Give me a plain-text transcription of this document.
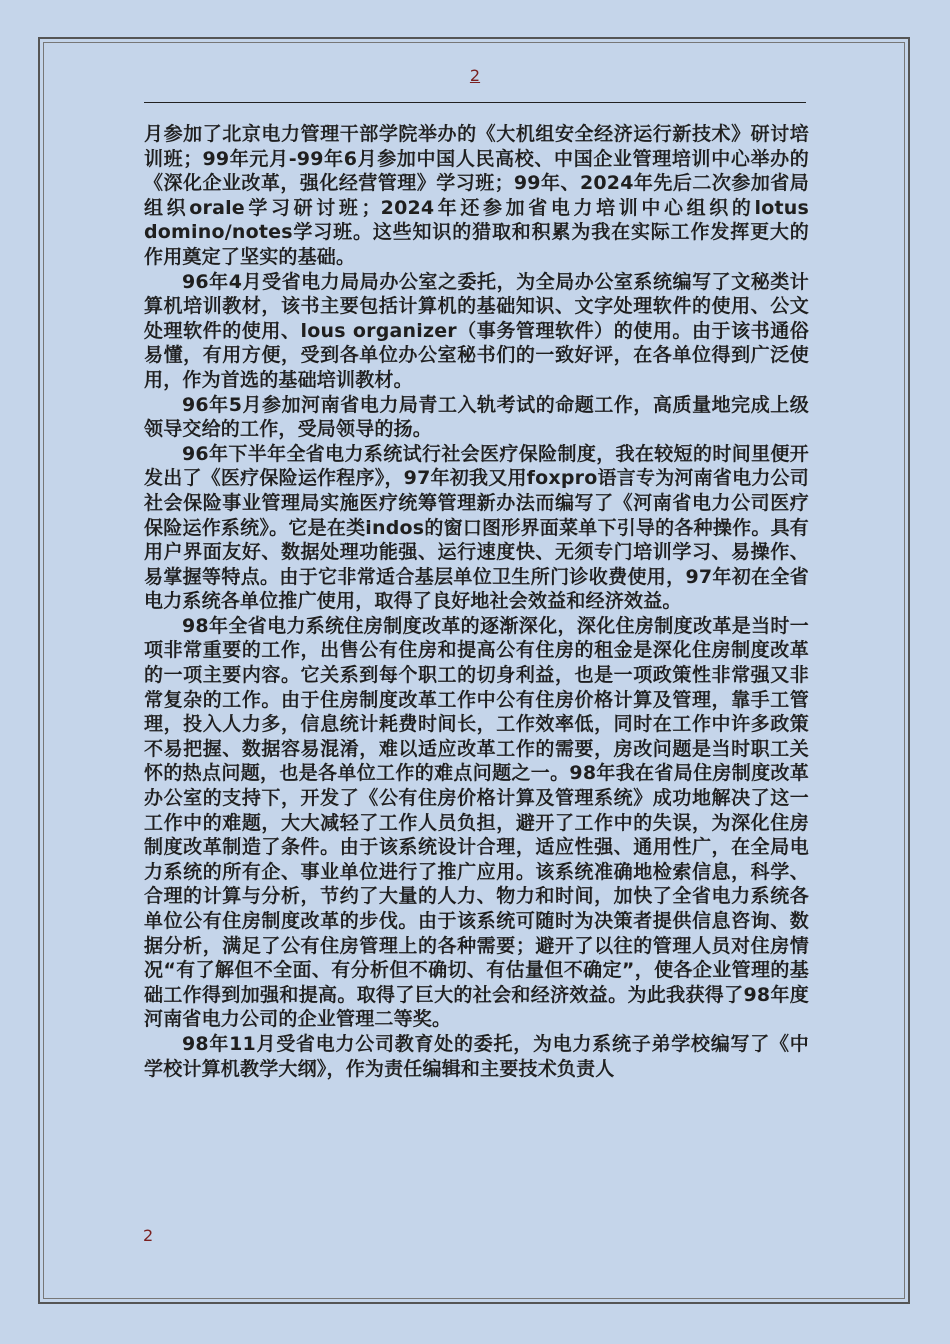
2

月参加了北京电力管理干部学院举办的《大机组安全经济运行新技术》研讨培训班；99年元月-99年6月参加中国人民高校、中国企业管理培训中心举办的《深化企业改革，强化经营管理》学习班；99年、2024年先后二次参加省局组织orale学习研讨班；2024年还参加省电力培训中心组织的lotus domino/notes学习班。这些知识的猎取和积累为我在实际工作发挥更大的作用奠定了坚实的基础。

96年4月受省电力局局办公室之委托，为全局办公室系统编写了文秘类计算机培训教材，该书主要包括计算机的基础知识、文字处理软件的使用、公文处理软件的使用、lous organizer（事务管理软件）的使用。由于该书通俗易懂，有用方便，受到各单位办公室秘书们的一致好评，在各单位得到广泛使用，作为首选的基础培训教材。

96年5月参加河南省电力局青工入轨考试的命题工作，高质量地完成上级领导交给的工作，受局领导的扬。

96年下半年全省电力系统试行社会医疗保险制度，我在较短的时间里便开发出了《医疗保险运作程序》，97年初我又用foxpro语言专为河南省电力公司社会保险事业管理局实施医疗统筹管理新办法而编写了《河南省电力公司医疗保险运作系统》。它是在类indos的窗口图形界面菜单下引导的各种操作。具有用户界面友好、数据处理功能强、运行速度快、无须专门培训学习、易操作、易掌握等特点。由于它非常适合基层单位卫生所门诊收费使用，97年初在全省电力系统各单位推广使用，取得了良好地社会效益和经济效益。

98年全省电力系统住房制度改革的逐渐深化，深化住房制度改革是当时一项非常重要的工作，出售公有住房和提高公有住房的租金是深化住房制度改革的一项主要内容。它关系到每个职工的切身利益，也是一项政策性非常强又非常复杂的工作。由于住房制度改革工作中公有住房价格计算及管理，靠手工管理，投入人力多，信息统计耗费时间长，工作效率低，同时在工作中许多政策不易把握、数据容易混淆，难以适应改革工作的需要，房改问题是当时职工关怀的热点问题，也是各单位工作的难点问题之一。98年我在省局住房制度改革办公室的支持下，开发了《公有住房价格计算及管理系统》成功地解决了这一工作中的难题，大大减轻了工作人员负担，避开了工作中的失误，为深化住房制度改革制造了条件。由于该系统设计合理，适应性强、通用性广，在全局电力系统的所有企、事业单位进行了推广应用。该系统准确地检索信息，科学、合理的计算与分析，节约了大量的人力、物力和时间，加快了全省电力系统各单位公有住房制度改革的步伐。由于该系统可随时为决策者提供信息咨询、数据分析，满足了公有住房管理上的各种需要；避开了以往的管理人员对住房情况“有了解但不全面、有分析但不确切、有估量但不确定”，使各企业管理的基础工作得到加强和提高。取得了巨大的社会和经济效益。为此我获得了98年度河南省电力公司的企业管理二等奖。

98年11月受省电力公司教育处的委托，为电力系统子弟学校编写了《中学校计算机教学大纲》，作为责任编辑和主要技术负责人

2
